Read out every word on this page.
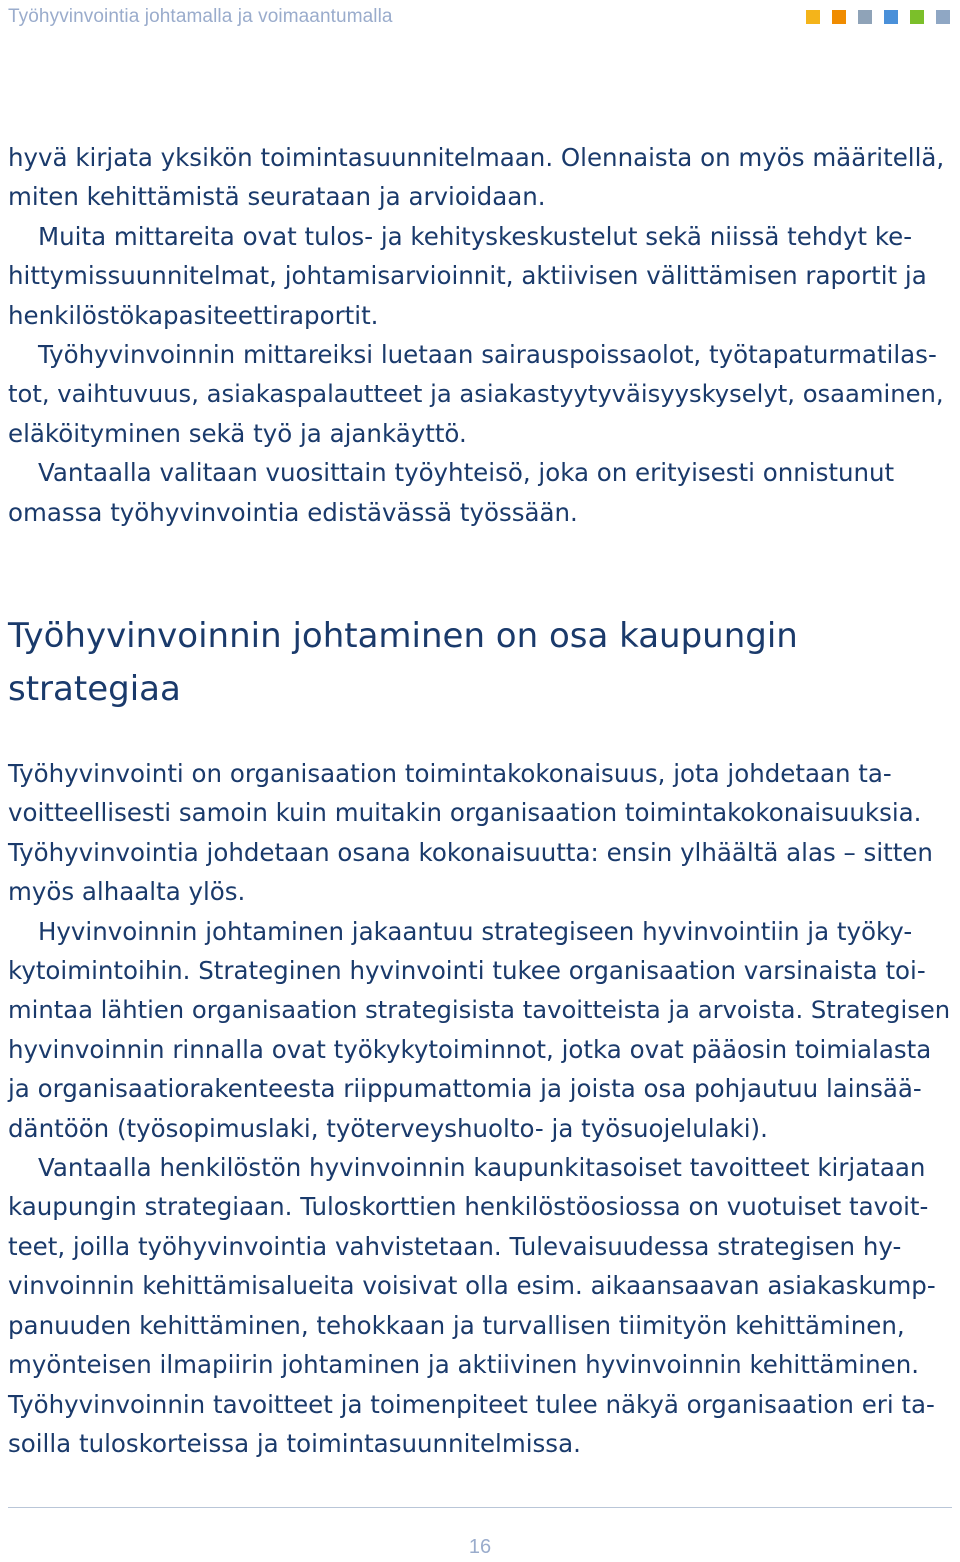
Työhyvinvointia johtamalla ja voimaantumalla
hyvä kirjata yksikön toimintasuunnitelmaan. Olennaista on myös määritellä,
miten kehittämistä seurataan ja arvioidaan.
Muita mittareita ovat tulos- ja kehityskeskustelut sekä niissä tehdyt ke-
hittymissuunnitelmat, johtamisarvioinnit, aktiivisen välittämisen raportit ja
henkilöstökapasiteettiraportit.
Työhyvinvoinnin mittareiksi luetaan sairauspoissaolot, työtapaturmatilas-
tot, vaihtuvuus, asiakaspalautteet ja asiakastyytyväisyyskyselyt, osaaminen,
eläköityminen sekä työ ja ajankäyttö.
Vantaalla valitaan vuosittain työyhteisö, joka on erityisesti onnistunut
omassa työhyvinvointia edistävässä työssään.
Työhyvinvoinnin johtaminen on osa kaupungin
strategiaa
Työhyvinvointi on organisaation toimintakokonaisuus, jota johdetaan ta-
voitteellisesti samoin kuin muitakin organisaation toimintakokonaisuuksia.
Työhyvinvointia johdetaan osana kokonaisuutta: ensin ylhäältä alas – sitten
myös alhaalta ylös.
Hyvinvoinnin johtaminen jakaantuu strategiseen hyvinvointiin ja työky-
kytoimintoihin. Strateginen hyvinvointi tukee organisaation varsinaista toi-
mintaa lähtien organisaation strategisista tavoitteista ja arvoista. Strategisen
hyvinvoinnin rinnalla ovat työkykytoiminnot, jotka ovat pääosin toimialasta
ja organisaatiorakenteesta riippumattomia ja joista osa pohjautuu lainsää-
däntöön (työsopimuslaki, työterveyshuolto- ja työsuojelulaki).
Vantaalla henkilöstön hyvinvoinnin kaupunkitasoiset tavoitteet kirjataan
kaupungin strategiaan. Tuloskorttien henkilöstöosiossa on vuotuiset tavoit-
teet, joilla työhyvinvointia vahvistetaan. Tulevaisuudessa strategisen hy-
vinvoinnin kehittämisalueita voisivat olla esim. aikaansaavan asiakaskump-
panuuden kehittäminen, tehokkaan ja turvallisen tiimityön kehittäminen,
myönteisen ilmapiirin johtaminen ja aktiivinen hyvinvoinnin kehittäminen.
Työhyvinvoinnin tavoitteet ja toimenpiteet tulee näkyä organisaation eri ta-
soilla tuloskorteissa ja toimintasuunnitelmissa.
16
